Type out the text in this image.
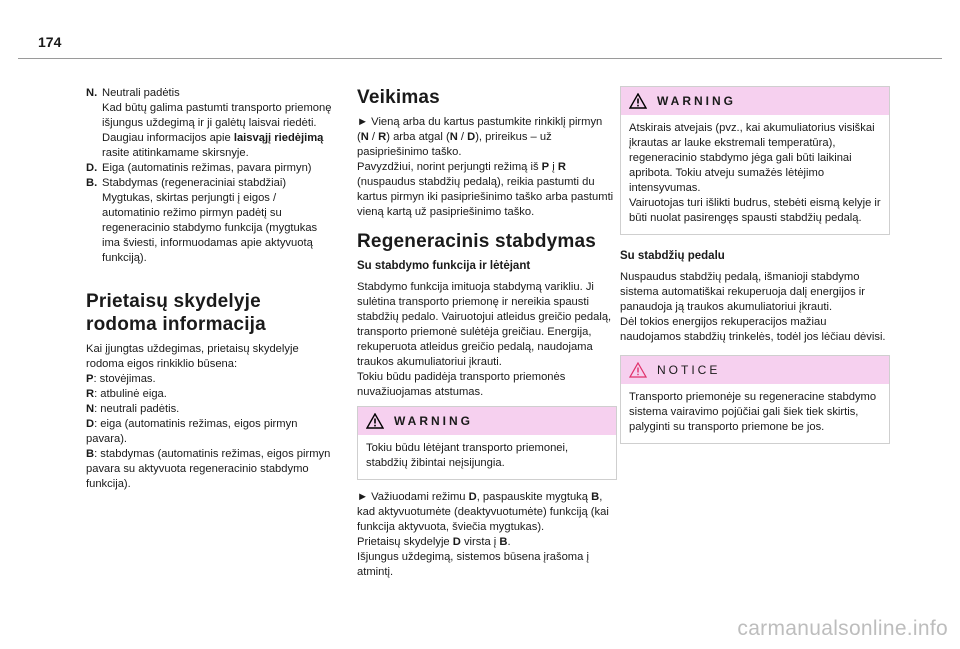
174
N. Neutrali padėtis

Kad būtų galima pastumti transporto priemonę išjungus uždegimą ir ji galėtų laisvai riedėti.

Daugiau informacijos apie laisvąjį riedėjimą rasite atitinkamame skirsnyje.

D. Eiga (automatinis režimas, pavara pirmyn)

B. Stabdymas (regeneraciniai stabdžiai)

Mygtukas, skirtas perjungti į eigos / automatinio režimo pirmyn padėtį su regeneracinio stabdymo funkcija (mygtukas ima šviesti, informuodamas apie aktyvuotą funkciją).

Prietaisų skydelyje rodoma informacija

Kai įjungtas uždegimas, prietaisų skydelyje rodoma eigos rinkiklio būsena:

P: stovėjimas.

R: atbulinė eiga.

N: neutrali padėtis.

D: eiga (automatinis režimas, eigos pirmyn pavara).

B: stabdymas (automatinis režimas, eigos pirmyn pavara su aktyvuota regeneracinio stabdymo funkcija).

Veikimas

► Vieną arba du kartus pastumkite rinkiklį pirmyn (N / R) arba atgal (N / D), prireikus – už pasipriešinimo taško.

Pavyzdžiui, norint perjungti režimą iš P į R (nuspaudus stabdžių pedalą), reikia pastumti du kartus pirmyn iki pasipriešinimo taško arba pastumti vieną kartą už pasipriešinimo taško.

Regeneracinis stabdymas
Su stabdymo funkcija ir lėtėjant

Stabdymo funkcija imituoja stabdymą varikliu. Ji sulėtina transporto priemonę ir nereikia spausti stabdžių pedalo. Vairuotojui atleidus greičio pedalą, transporto priemonė sulėtėja greičiau. Energija, rekuperuota atleidus greičio pedalą, naudojama traukos akumuliatoriui įkrauti.

Tokiu būdu padidėja transporto priemonės nuvažiuojamas atstumas.

WARNING

Tokiu būdu lėtėjant transporto priemonei, stabdžių žibintai neįsijungia.

► Važiuodami režimu D, paspauskite mygtuką B, kad aktyvuotumėte (deaktyvuotumėte) funkciją (kai funkcija aktyvuota, šviečia mygtukas).

Prietaisų skydelyje D virsta į B.

Išjungus uždegimą, sistemos būsena įrašoma į atmintį.

WARNING

Atskirais atvejais (pvz., kai akumuliatorius visiškai įkrautas ar lauke ekstremali temperatūra), regeneracinio stabdymo jėga gali būti laikinai apribota. Tokiu atveju sumažės lėtėjimo intensyvumas.

Vairuotojas turi išlikti budrus, stebėti eismą kelyje ir būti nuolat pasirengęs spausti stabdžių pedalą.

Su stabdžių pedalu

Nuspaudus stabdžių pedalą, išmanioji stabdymo sistema automatiškai rekuperuoja dalį energijos ir panaudoja ją traukos akumuliatoriui įkrauti.

Dėl tokios energijos rekuperacijos mažiau naudojamos stabdžių trinkelės, todėl jos lėčiau dėvisi.

NOTICE

Transporto priemonėje su regeneracine stabdymo sistema vairavimo pojūčiai gali šiek tiek skirtis, palyginti su transporto priemone be jos.

carmanualsonline.info
